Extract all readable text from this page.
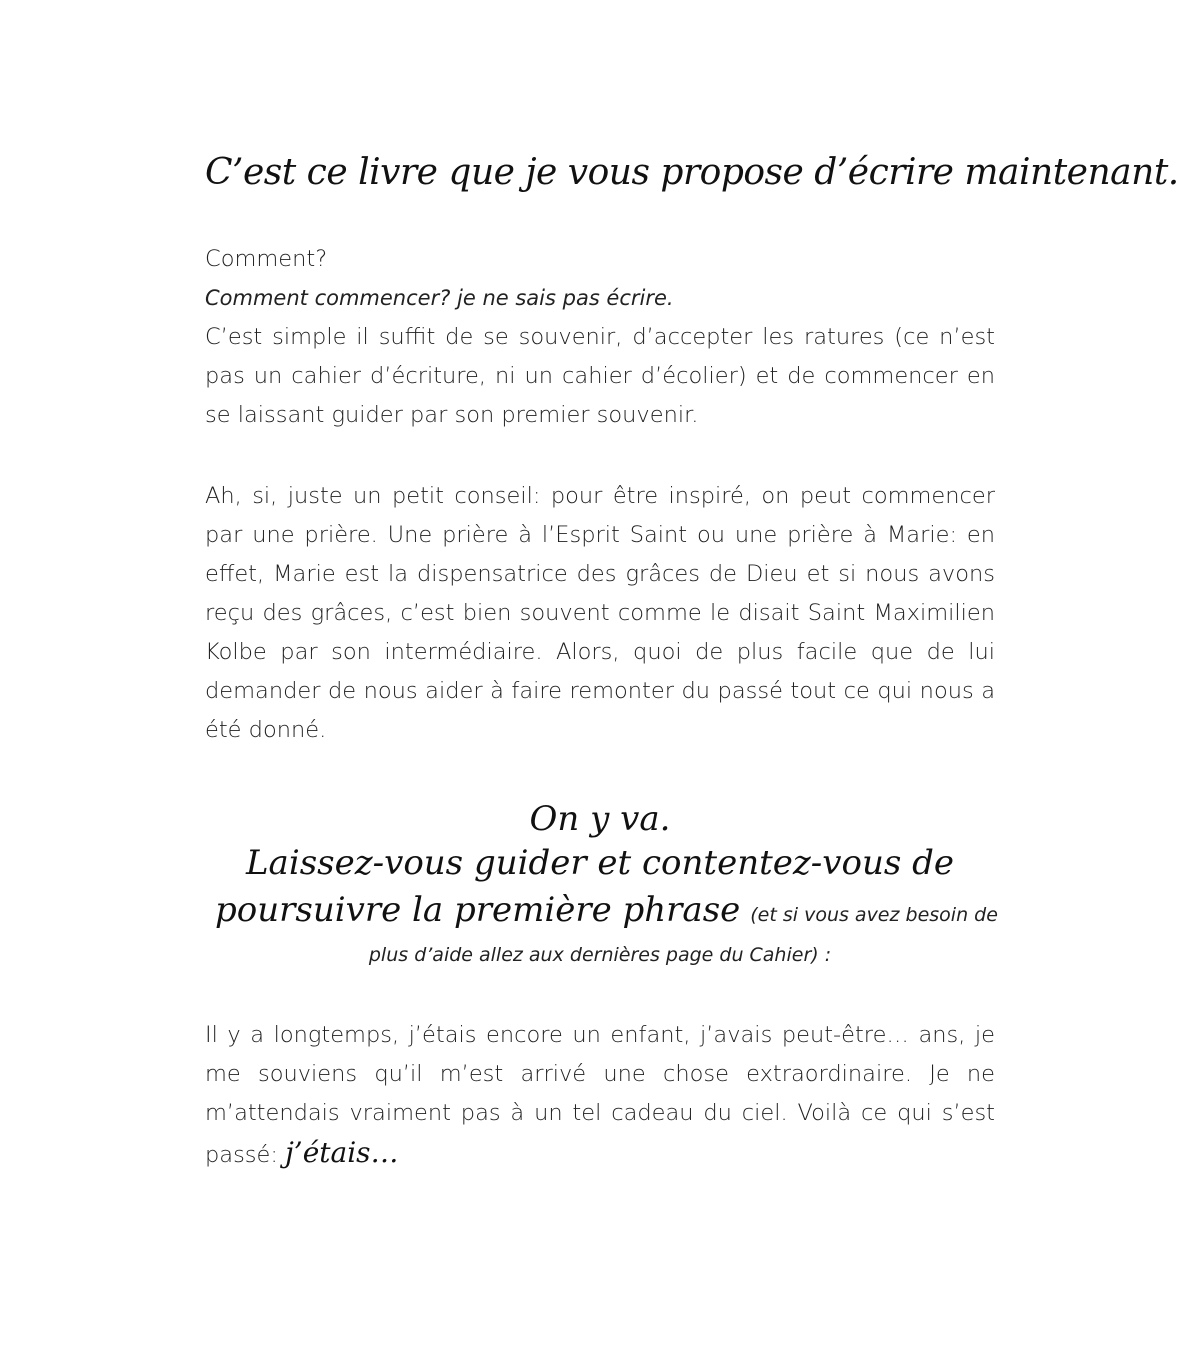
C’est ce livre que je vous propose d’écrire maintenant.

Comment?

Comment commencer? je ne sais pas écrire.

C’est simple il suffit de se souvenir, d’accepter les ratures (ce n’est pas un cahier d’écriture, ni un cahier d’écolier) et de commencer en se laissant guider par son premier souvenir.

Ah, si, juste un petit conseil: pour être inspiré, on peut commencer par une prière. Une prière à l’Esprit Saint ou une prière à Marie: en effet, Marie est la dispensatrice des grâces de Dieu et si nous avons reçu des grâces, c’est bien souvent comme le disait Saint Maximilien Kolbe par son intermédiaire. Alors, quoi de plus facile que de lui demander de nous aider à faire remonter du passé tout ce qui nous a été donné.
On y va.
Laissez-vous guider et contentez-vous de
poursuivre la première phrase (et si vous avez besoin de
plus d’aide allez aux dernières page du Cahier) :
Il y a longtemps, j’étais encore un enfant, j’avais peut-être… ans, je me souviens qu’il m’est arrivé une chose extraordinaire. Je ne m’attendais vraiment pas à un tel cadeau du ciel. Voilà ce qui s’est passé: j’étais…
